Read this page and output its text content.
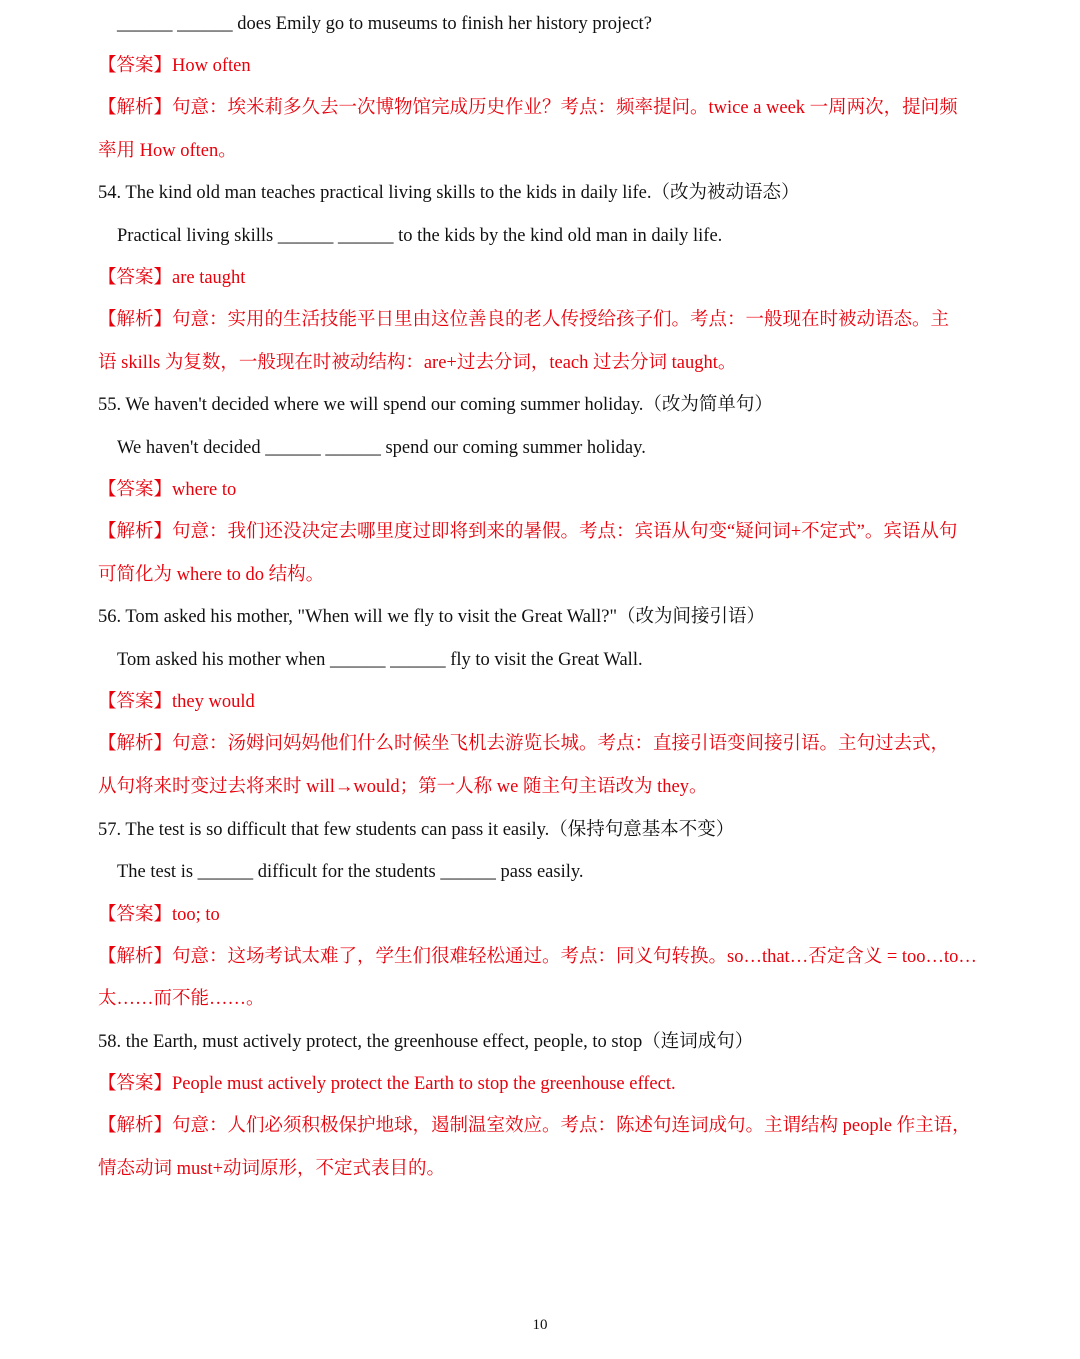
______ ______ does Emily go to museums to finish her history project?
【答案】How often
【解析】句意：埃米莉多久去一次博物馆完成历史作业？考点：频率提问。twice a week 一周两次，提问频
率用 How often。
54. The kind old man teaches practical living skills to the kids in daily life.（改为被动语态）
Practical living skills ______ ______ to the kids by the kind old man in daily life.
【答案】are taught
【解析】句意：实用的生活技能平日里由这位善良的老人传授给孩子们。考点：一般现在时被动语态。主
语 skills 为复数，一般现在时被动结构：are+过去分词，teach 过去分词 taught。
55. We haven't decided where we will spend our coming summer holiday.（改为简单句）
We haven't decided ______ ______ spend our coming summer holiday.
【答案】where to
【解析】句意：我们还没决定去哪里度过即将到来的暑假。考点：宾语从句变“疑问词+不定式”。宾语从句
可简化为 where to do 结构。
56. Tom asked his mother, "When will we fly to visit the Great Wall?"（改为间接引语）
Tom asked his mother when ______ ______ fly to visit the Great Wall.
【答案】they would
【解析】句意：汤姆问妈妈他们什么时候坐飞机去游览长城。考点：直接引语变间接引语。主句过去式，
从句将来时变过去将来时 will→would；第一人称 we 随主句主语改为 they。
57. The test is so difficult that few students can pass it easily.（保持句意基本不变）
The test is ______ difficult for the students ______ pass easily.
【答案】too; to
【解析】句意：这场考试太难了，学生们很难轻松通过。考点：同义句转换。so…that…否定含义 = too…to…
太……而不能……。
58. the Earth, must actively protect, the greenhouse effect, people, to stop（连词成句）
【答案】People must actively protect the Earth to stop the greenhouse effect.
【解析】句意：人们必须积极保护地球，遏制温室效应。考点：陈述句连词成句。主谓结构 people 作主语，
情态动词 must+动词原形，不定式表目的。
10
